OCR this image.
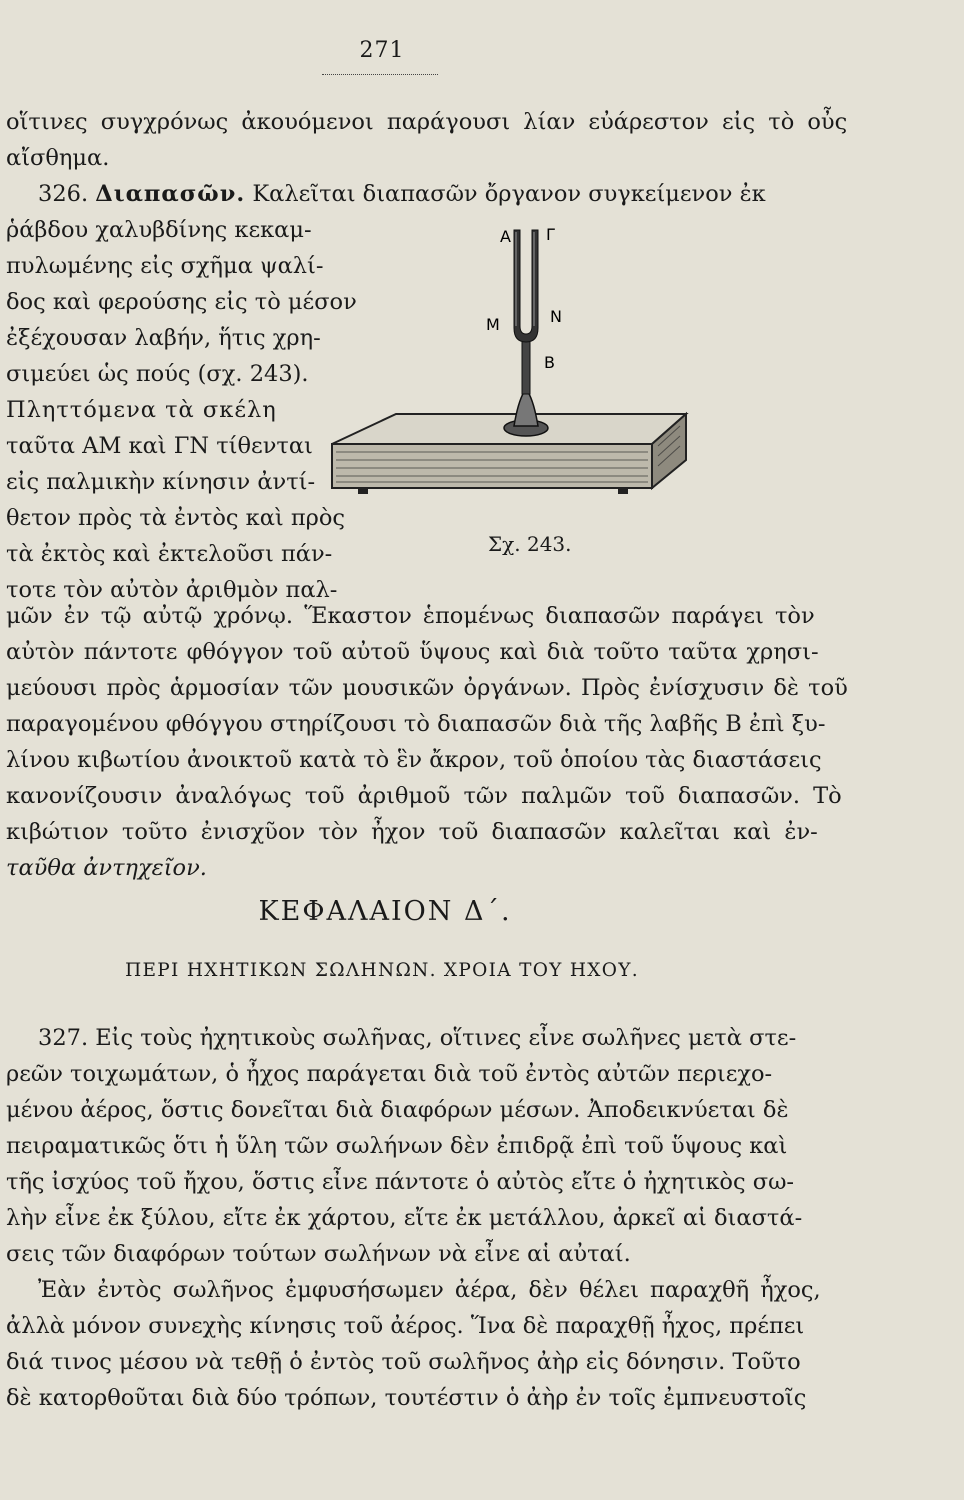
271
οἵτινες συγχρόνως ἀκουόμενοι παράγουσι λίαν εὐάρεστον εἰς τὸ οὖς
αἴσθημα.
326. Διαπασῶν. Καλεῖται διαπασῶν ὄργανον συγκείμενον ἐκ
ῥάβδου χαλυβδίνης κεκαμ-
πυλωμένης εἰς σχῆμα ψαλί-
δος καὶ φερούσης εἰς τὸ μέσον
ἐξέχουσαν λαβήν, ἥτις χρη-
σιμεύει ὡς πούς (σχ. 243).
Πληττόμενα τὰ σκέλη
ταῦτα ΑΜ καὶ ΓΝ τίθενται
εἰς παλμικὴν κίνησιν ἀντί-
θετον πρὸς τὰ ἐντὸς καὶ πρὸς
τὰ ἐκτὸς καὶ ἐκτελοῦσι πάν-
τοτε τὸν αὐτὸν ἀριθμὸν παλ-
Α Γ
Μ	Ν
Β
Σχ. 243.
μῶν ἐν τῷ αὐτῷ χρόνῳ. Ἕκαστον ἑπομένως διαπασῶν παράγει τὸν
αὐτὸν πάντοτε φθόγγον τοῦ αὐτοῦ ὕψους καὶ διὰ τοῦτο ταῦτα χρησι-
μεύουσι πρὸς ἁρμοσίαν τῶν μουσικῶν ὀργάνων. Πρὸς ἐνίσχυσιν δὲ τοῦ
παραγομένου φθόγγου στηρίζουσι τὸ διαπασῶν διὰ τῆς λαβῆς Β ἐπὶ ξυ-
λίνου κιβωτίου ἀνοικτοῦ κατὰ τὸ ἓν ἄκρον, τοῦ ὁποίου τὰς διαστάσεις
κανονίζουσιν ἀναλόγως τοῦ ἀριθμοῦ τῶν παλμῶν τοῦ διαπασῶν. Τὸ
κιβώτιον τοῦτο ἐνισχῦον τὸν ἦχον τοῦ διαπασῶν καλεῖται καὶ ἐν-
ταῦθα ἀντηχεῖον.
ΚΕΦΑΛΑΙΟΝ Δ΄.
ΠΕΡΙ ΗΧΗΤΙΚΩΝ ΣΩΛΗΝΩΝ. ΧΡΟΙΑ ΤΟΥ ΗΧΟΥ.
327. Εἰς τοὺς ἠχητικοὺς σωλῆνας, οἵτινες εἶνε σωλῆνες μετὰ στε-
ρεῶν τοιχωμάτων, ὁ ἦχος παράγεται διὰ τοῦ ἐντὸς αὐτῶν περιεχο-
μένου ἀέρος, ὅστις δονεῖται διὰ διαφόρων μέσων. Ἀποδεικνύεται δὲ
πειραματικῶς ὅτι ἡ ὕλη τῶν σωλήνων δὲν ἐπιδρᾷ ἐπὶ τοῦ ὕψους καὶ
τῆς ἰσχύος τοῦ ἤχου, ὅστις εἶνε πάντοτε ὁ αὐτὸς εἴτε ὁ ἠχητικὸς σω-
λὴν εἶνε ἐκ ξύλου, εἴτε ἐκ χάρτου, εἴτε ἐκ μετάλλου, ἀρκεῖ αἱ διαστά-
σεις τῶν διαφόρων τούτων σωλήνων νὰ εἶνε αἱ αὐταί.
Ἐὰν ἐντὸς σωλῆνος ἐμφυσήσωμεν ἀέρα, δὲν θέλει παραχθῆ ἦχος,
ἀλλὰ μόνον συνεχὴς κίνησις τοῦ ἀέρος. Ἵνα δὲ παραχθῇ ἦχος, πρέπει
διά τινος μέσου νὰ τεθῇ ὁ ἐντὸς τοῦ σωλῆνος ἀὴρ εἰς δόνησιν. Τοῦτο
δὲ κατορθοῦται διὰ δύο τρόπων, τουτέστιν ὁ ἀὴρ ἐν τοῖς ἐμπνευστοῖς
